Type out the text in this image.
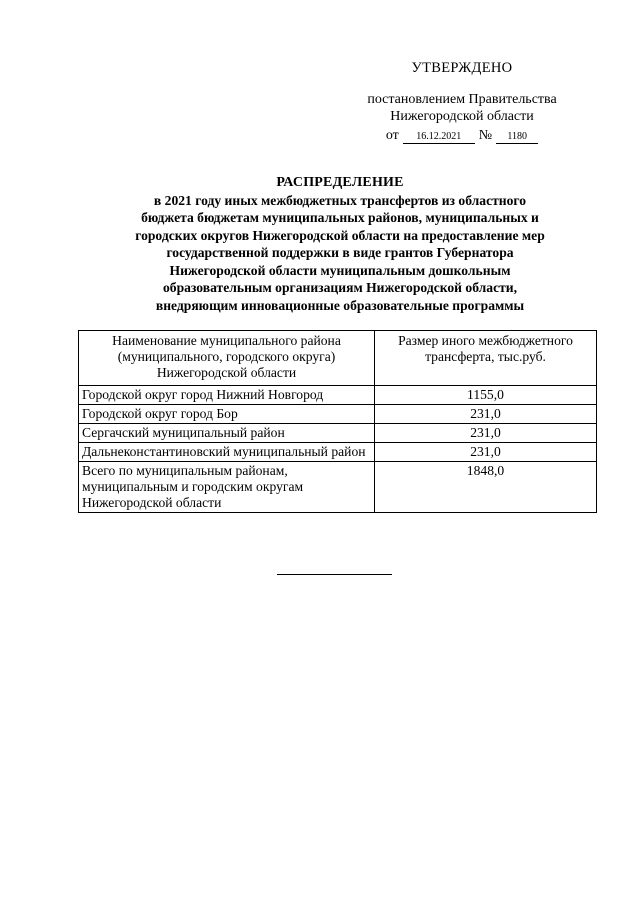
УТВЕРЖДЕНО
постановлением Правительства
Нижегородской области
от	16.12.2021	№	1180
РАСПРЕДЕЛЕНИЕ
в 2021 году иных межбюджетных трансфертов из областного
бюджета бюджетам муниципальных районов, муниципальных и
городских округов Нижегородской области на предоставление мер
государственной поддержки в виде грантов Губернатора
Нижегородской области муниципальным дошкольным
образовательным организациям Нижегородской области,
внедряющим инновационные образовательные программы
Наименование муниципального района (муниципального, городского округа) Нижегородской области	Размер иного межбюджетного трансферта, тыс.руб.
Городской округ город Нижний Новгород	1155,0
Городской округ город Бор	231,0
Сергачский муниципальный район	231,0
Дальнеконстантиновский муниципальный район	231,0
Всего по муниципальным районам, муниципальным и городским округам Нижегородской области	1848,0
